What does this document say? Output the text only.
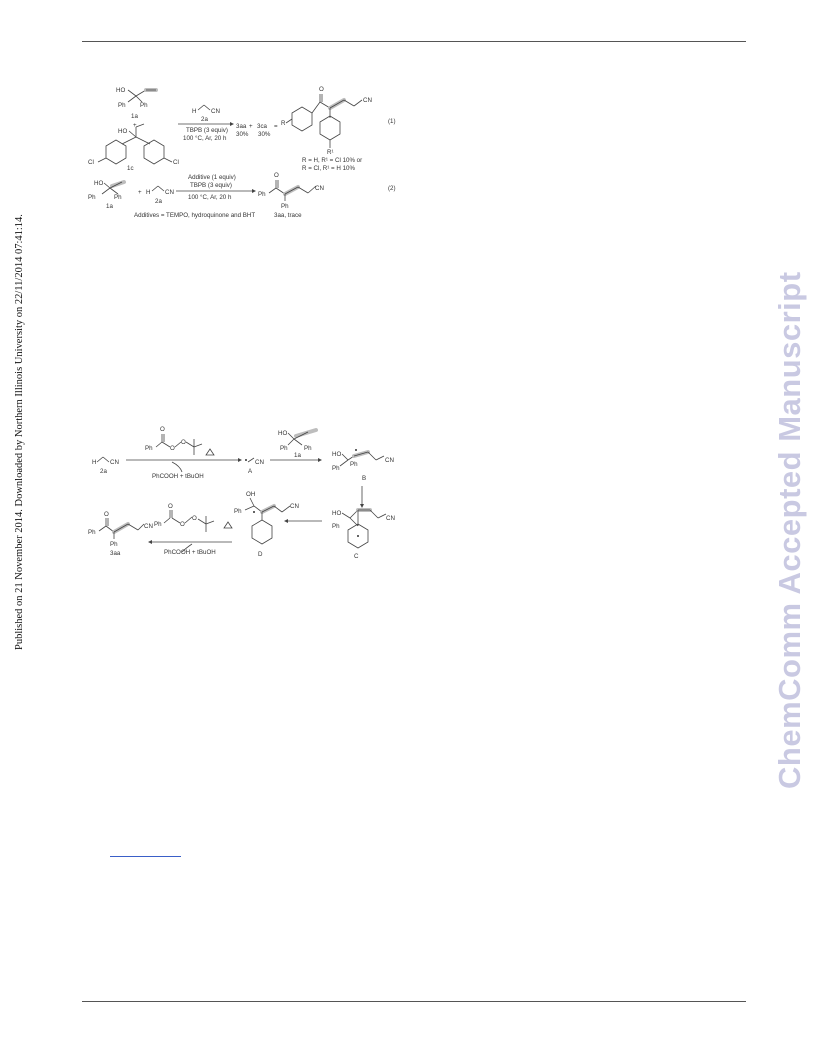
Published on 21 November 2014. Downloaded by Northern Illinois University on 22/11/2014 07:41:14.	ChemComm Accepted Manuscript
HO
Ph Ph
1a
+
HO
Cl	Cl
1c
H CN
2a
TBPB (3 equiv)
100 °C, Ar, 20 h
3aa
30%
+ 3ca
30%
= R
O
CN
R¹
R = H, R¹ = Cl 10% or
R = Cl, R¹ = H 10%
(1)
HO
Ph	Ph
1a
+ H CN
2a
Additive (1 equiv)
TBPB (3 equiv)
100 °C, Ar, 20 h	Ph
O
CN
Ph
3aa, trace
(2)
Additives = TEMPO, hydroquinone and BHT
H CN
2a
Ph
O
O
O
PhCOOH + tBuOH
CN
A
HO
Ph	Ph
1a	HO
CN
Ph
Ph
B
HO
CN
Ph
C
OH
Ph
CN
D
Ph
O
O
O
PhCOOH + tBuOH
Ph
O
CN
Ph
3aa
